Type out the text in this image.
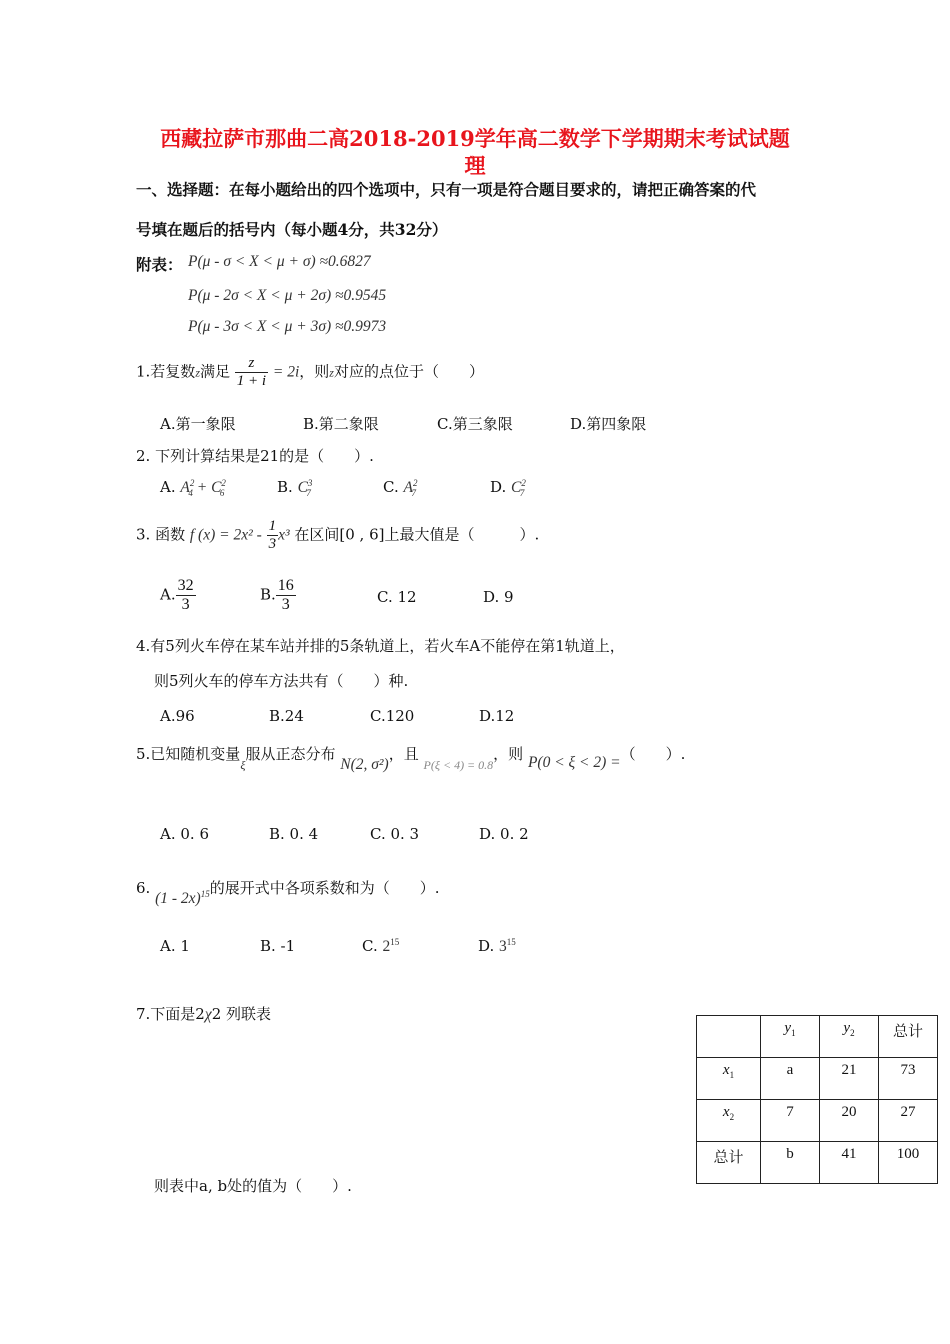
西藏拉萨市那曲二高2018-2019学年高二数学下学期期末考试试题
理
一、选择题：在每小题给出的四个选项中，只有一项是符合题目要求的，请把正确答案的代
号填在题后的括号内（每小题4分，共32分）
附表： P(μ - σ < X < μ + σ) ≈0.6827
P(μ - 2σ < X < μ + 2σ) ≈0.9545
P(μ - 3σ < X < μ + 3σ) ≈0.9973
1.若复数z满足 $\frac{z}{1 + i} = 2i$，则z对应的点位于（　　）
A.第一象限	B.第二象限	C.第三象限	D.第四象限
2. 下列计算结果是21的是（　　）.
A. $A^2_4 + C^2_6$	B. $C^3_7$	C. $A^2_7$	D. $C^2_7$
3. 函数 f $(x) = 2x^2 - \frac{1}{3} x^3$ 在区间[0 , 6]上最大值是（　　　）.
A. $\frac{32}{3}$	B. $\frac{16}{3}$	C. 12	D. 9
4.有5列火车停在某车站并排的5条轨道上，若火车A不能停在第1轨道上，
则5列火车的停车方法共有（　　）种.
A.96	B.24	C.120	D.12
5.已知随机变量$_\xi$服从正态分布 N(2, σ²)，且 $_{P(\xi < 4) = 0.8}$，则 P(0 < ξ < 2) =（　　）.
A. 0. 6	B. 0. 4	C. 0. 3	D. 0. 2
6. (1 - 2x)$^{15}$的展开式中各项系数和为（　　）.
A. 1	B. -1	C. $2^{15}$	D. $3^{15}$
7.下面是2χ2 列联表
	$y_1$	$y_2$	总计
$x_1$	a	21	73
$x_2$	7	20	27
总计	b	41	100
则表中a, b处的值为（　　）.
